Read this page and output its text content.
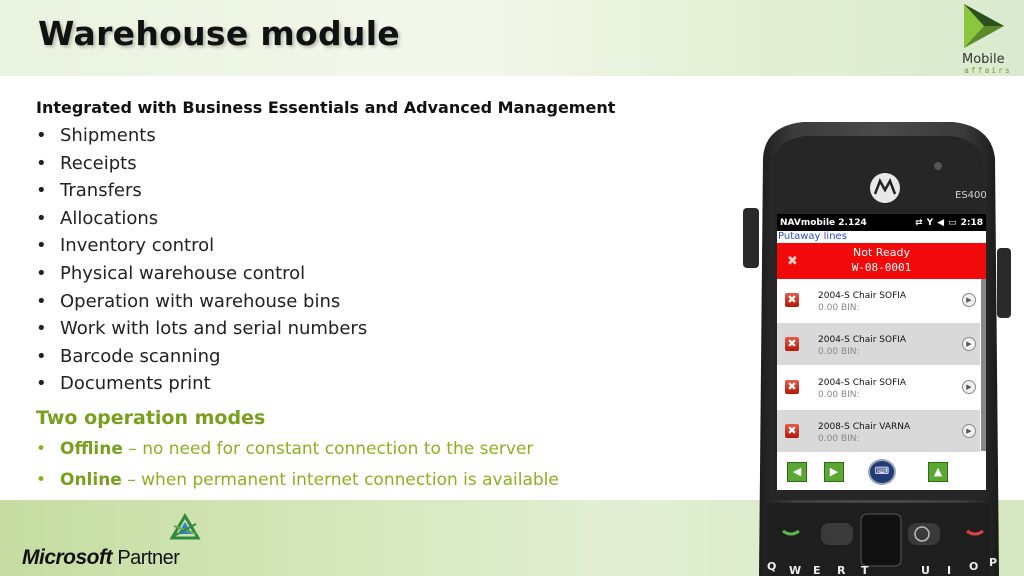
Warehouse module
Mobile
affairs
Integrated with Business Essentials and Advanced Management
• Shipments
• Receipts
• Transfers
• Allocations
• Inventory control
• Physical warehouse control
• Operation with warehouse bins
• Work with lots and serial numbers
• Barcode scanning
• Documents print
Two operation modes
• Offline – no need for constant connection to the server
• Online – when permanent internet connection is available
Microsoft Partner
ES400
Q W E R T	U I O P
NAVmobile 2.124	⇄ Y ◀ ▭ 2:18
Putaway lines
✖
Not Ready
W-08-0001
✖ 2004-S Chair SOFIA
0.00 BIN:
▶
✖ 2004-S Chair SOFIA
0.00 BIN:
▶
✖ 2004-S Chair SOFIA
0.00 BIN:
▶
✖ 2008-S Chair VARNA
0.00 BIN:
▶
◀	▶	⌨	▲
